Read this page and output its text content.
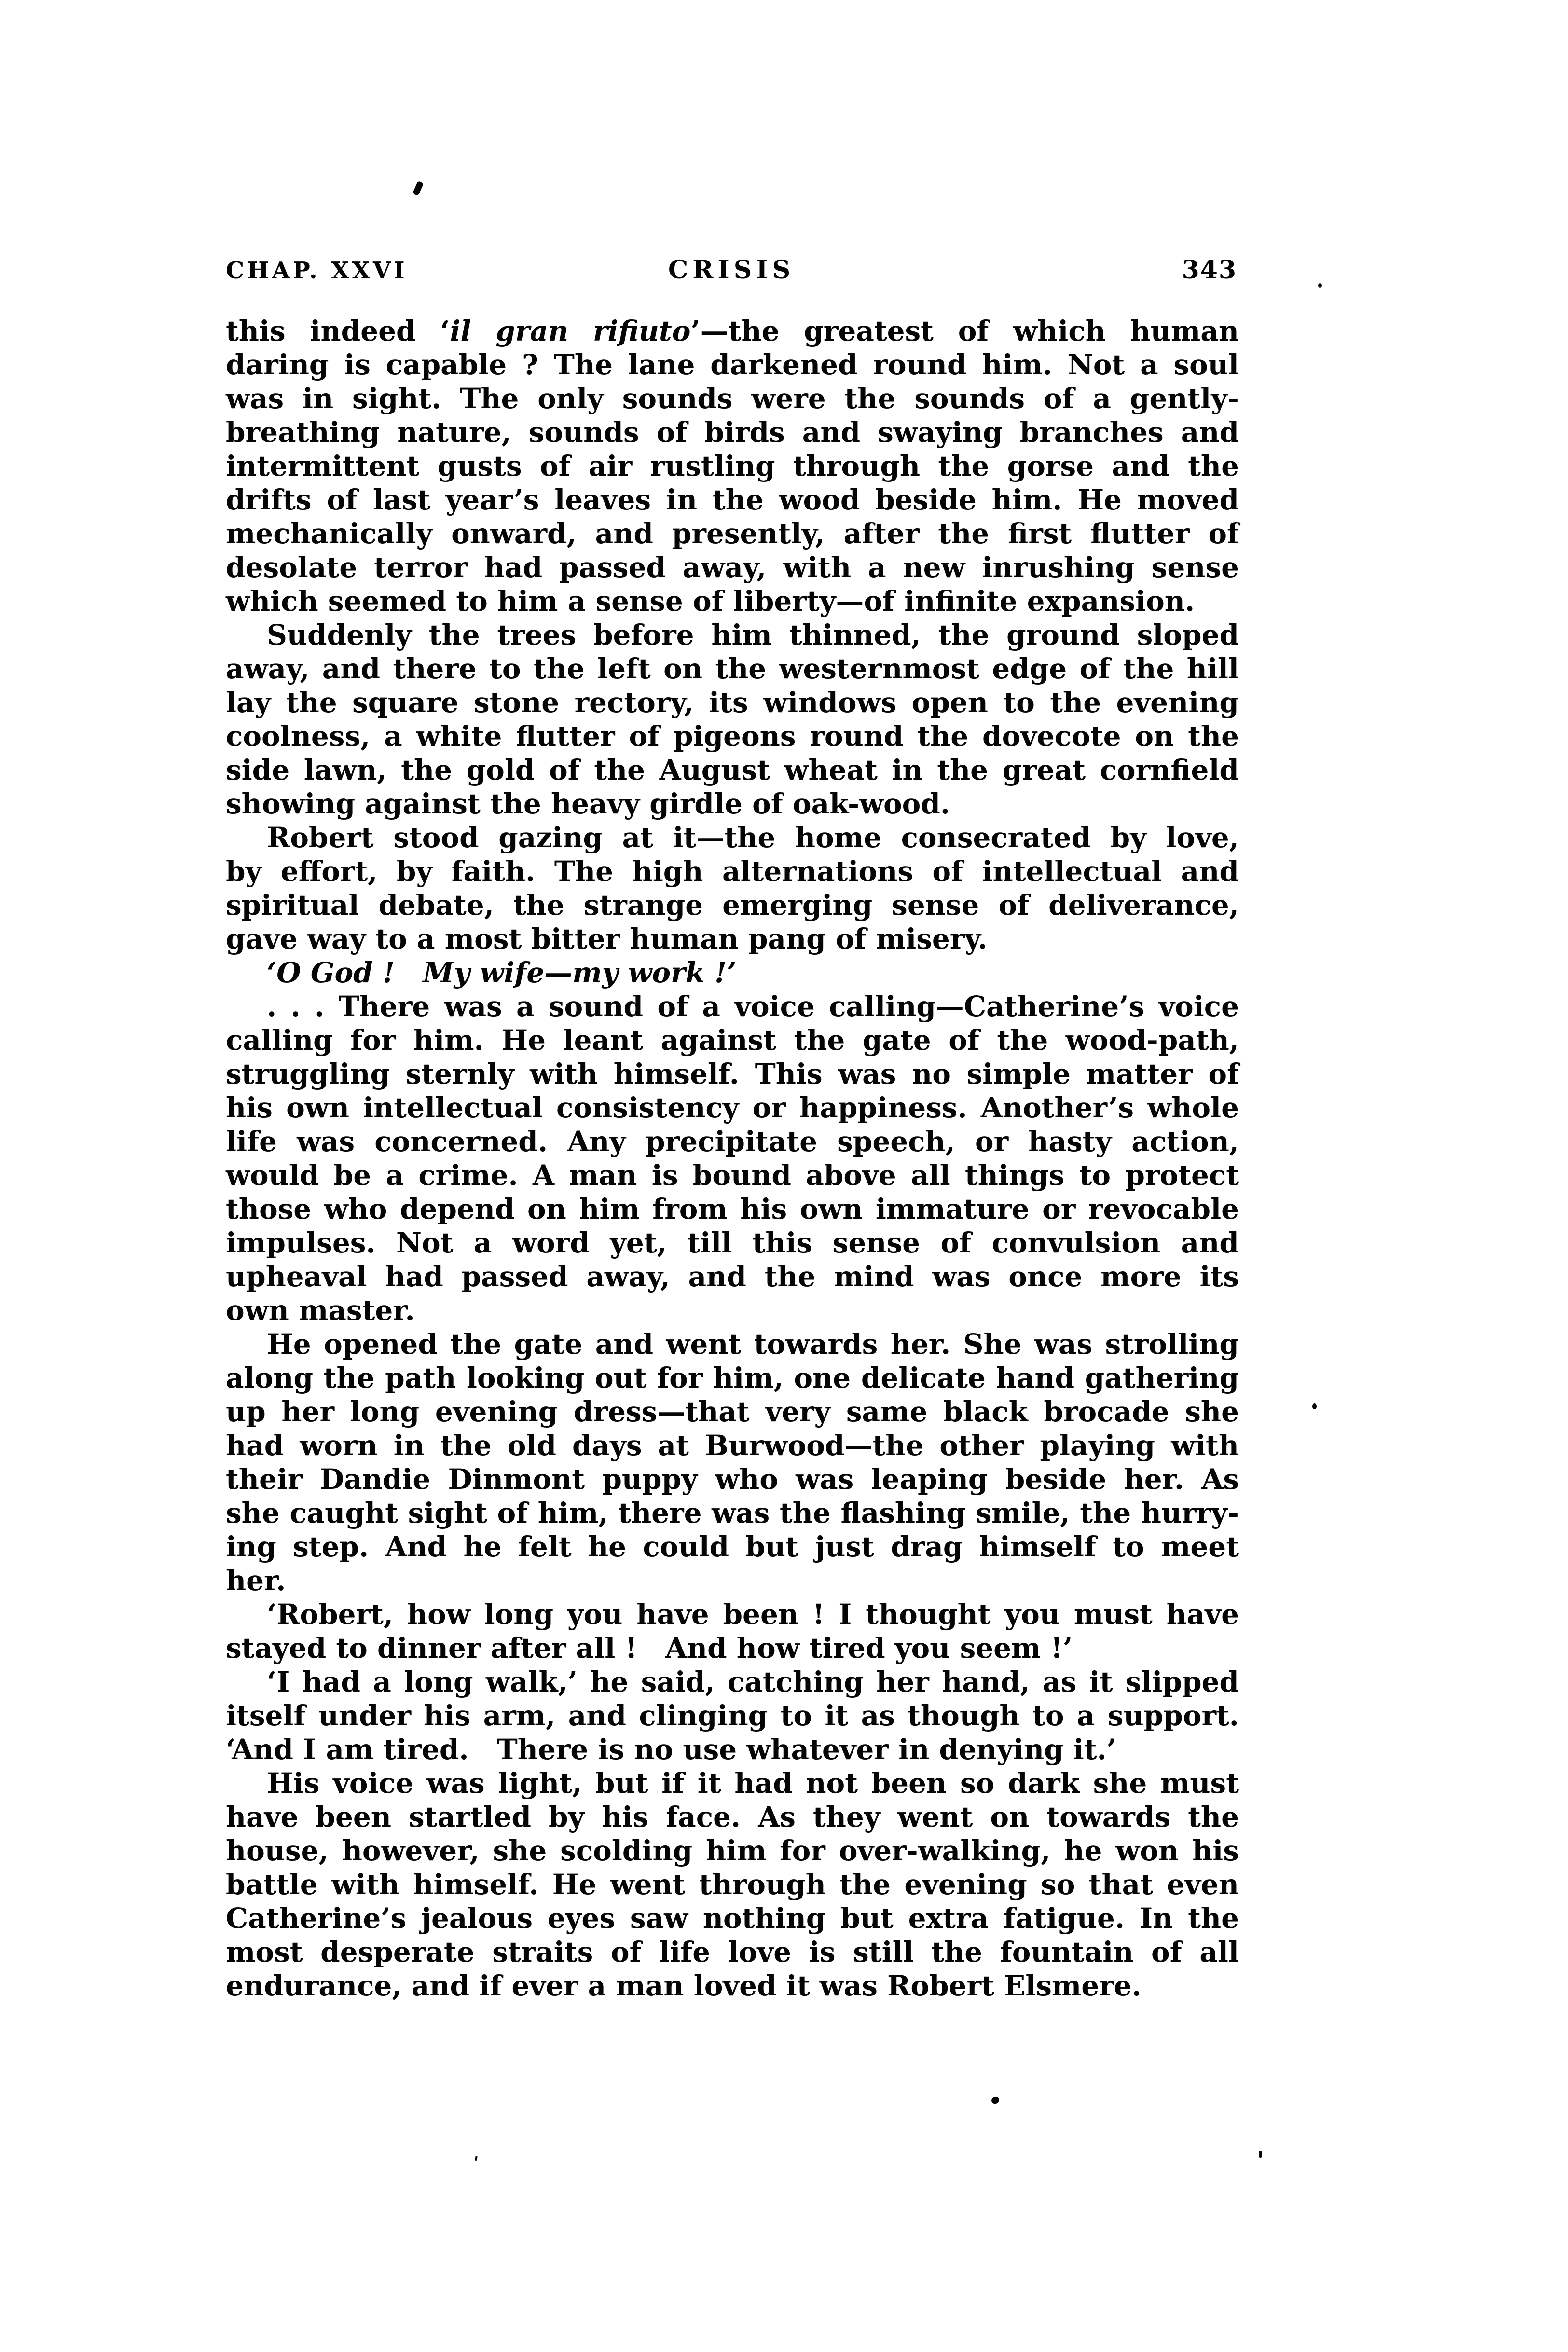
CHAP. XXVI	CRISIS	343
this indeed ‘il gran rifiuto’—the greatest of which human
daring is capable ? The lane darkened round him. Not a soul
was in sight. The only sounds were the sounds of a gently-
breathing nature, sounds of birds and swaying branches and
intermittent gusts of air rustling through the gorse and the
drifts of last year’s leaves in the wood beside him. He moved
mechanically onward, and presently, after the first flutter of
desolate terror had passed away, with a new inrushing sense
which seemed to him a sense of liberty—of infinite expansion.
Suddenly the trees before him thinned, the ground sloped
away, and there to the left on the westernmost edge of the hill
lay the square stone rectory, its windows open to the evening
coolness, a white flutter of pigeons round the dovecote on the
side lawn, the gold of the August wheat in the great cornfield
showing against the heavy girdle of oak-wood.
Robert stood gazing at it—the home consecrated by love,
by effort, by faith. The high alternations of intellectual and
spiritual debate, the strange emerging sense of deliverance,
gave way to a most bitter human pang of misery.
‘O God ! My wife—my work !’
. . . There was a sound of a voice calling—Catherine’s voice
calling for him. He leant against the gate of the wood-path,
struggling sternly with himself. This was no simple matter of
his own intellectual consistency or happiness. Another’s whole
life was concerned. Any precipitate speech, or hasty action,
would be a crime. A man is bound above all things to protect
those who depend on him from his own immature or revocable
impulses. Not a word yet, till this sense of convulsion and
upheaval had passed away, and the mind was once more its
own master.
He opened the gate and went towards her. She was strolling
along the path looking out for him, one delicate hand gathering
up her long evening dress—that very same black brocade she
had worn in the old days at Burwood—the other playing with
their Dandie Dinmont puppy who was leaping beside her. As
she caught sight of him, there was the flashing smile, the hurry-
ing step. And he felt he could but just drag himself to meet
her.
‘Robert, how long you have been ! I thought you must have
stayed to dinner after all ! And how tired you seem !’
‘I had a long walk,’ he said, catching her hand, as it slipped
itself under his arm, and clinging to it as though to a support.
‘And I am tired. There is no use whatever in denying it.’
His voice was light, but if it had not been so dark she must
have been startled by his face. As they went on towards the
house, however, she scolding him for over-walking, he won his
battle with himself. He went through the evening so that even
Catherine’s jealous eyes saw nothing but extra fatigue. In the
most desperate straits of life love is still the fountain of all
endurance, and if ever a man loved it was Robert Elsmere.
